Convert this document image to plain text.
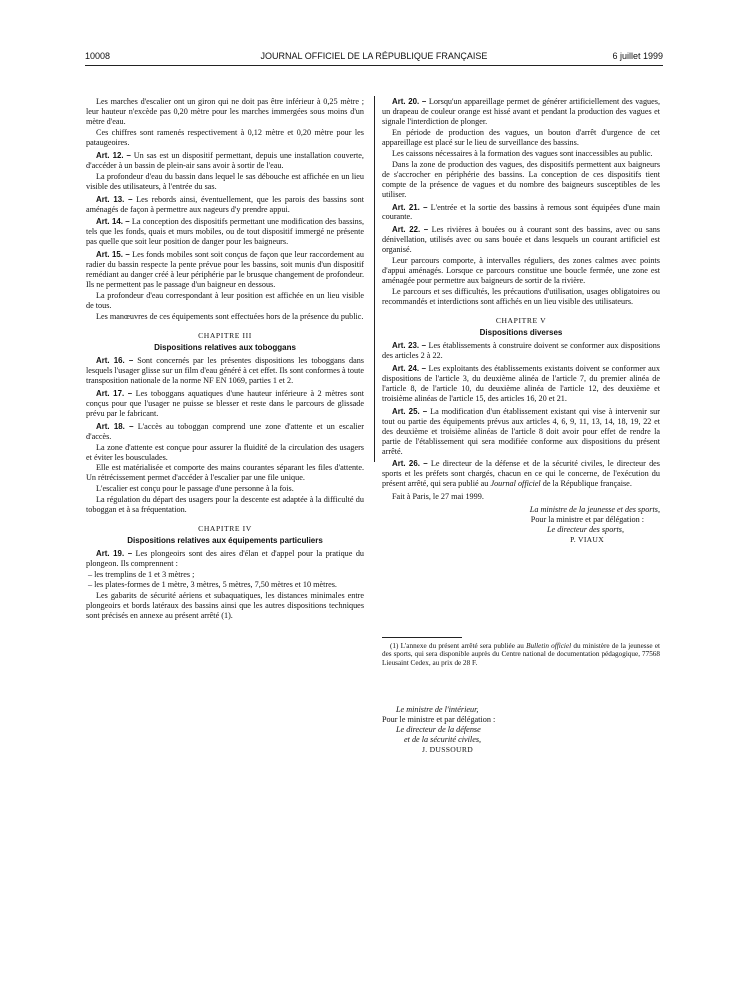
10008	JOURNAL OFFICIEL DE LA RÉPUBLIQUE FRANÇAISE	6 juillet 1999

Les marches d'escalier ont un giron qui ne doit pas être inférieur à 0,25 mètre ; leur hauteur n'excède pas 0,20 mètre pour les marches immergées sous moins d'un mètre d'eau.

Ces chiffres sont ramenés respectivement à 0,12 mètre et 0,20 mètre pour les pataugeoires.

Art. 12. – Un sas est un dispositif permettant, depuis une installation couverte, d'accéder à un bassin de plein-air sans avoir à sortir de l'eau.

La profondeur d'eau du bassin dans lequel le sas débouche est affichée en un lieu visible des utilisateurs, à l'entrée du sas.

Art. 13. – Les rebords ainsi, éventuellement, que les parois des bassins sont aménagés de façon à permettre aux nageurs d'y prendre appui.

Art. 14. – La conception des dispositifs permettant une modification des bassins, tels que les fonds, quais et murs mobiles, ou de tout dispositif immergé ne présente pas quelle que soit leur position de danger pour les baigneurs.

Art. 15. – Les fonds mobiles sont soit conçus de façon que leur raccordement au radier du bassin respecte la pente prévue pour les bassins, soit munis d'un dispositif remédiant au danger créé à leur périphérie par le brusque changement de profondeur. Ils ne permettent pas le passage d'un baigneur en dessous.

La profondeur d'eau correspondant à leur position est affichée en un lieu visible de tous.

Les manœuvres de ces équipements sont effectuées hors de la présence du public.

CHAPITRE III

Dispositions relatives aux toboggans

Art. 16. – Sont concernés par les présentes dispositions les toboggans dans lesquels l'usager glisse sur un film d'eau généré à cet effet. Ils sont conformes à toute transposition nationale de la norme NF EN 1069, parties 1 et 2.

Art. 17. – Les toboggans aquatiques d'une hauteur inférieure à 2 mètres sont conçus pour que l'usager ne puisse se blesser et reste dans le parcours de glissade prévu par le fabricant.

Art. 18. – L'accès au toboggan comprend une zone d'attente et un escalier d'accès.

La zone d'attente est conçue pour assurer la fluidité de la circulation des usagers et éviter les bousculades.

Elle est matérialisée et comporte des mains courantes séparant les files d'attente. Un rétrécissement permet d'accéder à l'escalier par une file unique.

L'escalier est conçu pour le passage d'une personne à la fois.

La régulation du départ des usagers pour la descente est adaptée à la difficulté du toboggan et à sa fréquentation.

CHAPITRE IV

Dispositions relatives aux équipements particuliers

Art. 19. – Les plongeoirs sont des aires d'élan et d'appel pour la pratique du plongeon. Ils comprennent :

– les tremplins de 1 et 3 mètres ;
– les plates-formes de 1 mètre, 3 mètres, 5 mètres, 7,50 mètres et 10 mètres.

Les gabarits de sécurité aériens et subaquatiques, les distances minimales entre plongeoirs et bords latéraux des bassins ainsi que les autres dispositions techniques sont précisés en annexe au présent arrêté (1).

Art. 20. – Lorsqu'un appareillage permet de générer artificiellement des vagues, un drapeau de couleur orange est hissé avant et pendant la production des vagues et signale l'interdiction de plonger.

En période de production des vagues, un bouton d'arrêt d'urgence de cet appareillage est placé sur le lieu de surveillance des bassins.

Les caissons nécessaires à la formation des vagues sont inaccessibles au public.

Dans la zone de production des vagues, des dispositifs permettent aux baigneurs de s'accrocher en périphérie des bassins. La conception de ces dispositifs tient compte de la présence de vagues et du nombre des baigneurs susceptibles de les utiliser.

Art. 21. – L'entrée et la sortie des bassins à remous sont équipées d'une main courante.

Art. 22. – Les rivières à bouées ou à courant sont des bassins, avec ou sans dénivellation, utilisés avec ou sans bouée et dans lesquels un courant artificiel est organisé.

Leur parcours comporte, à intervalles réguliers, des zones calmes avec points d'appui aménagés. Lorsque ce parcours constitue une boucle fermée, une zone est aménagée pour permettre aux baigneurs de sortir de la rivière.

Le parcours et ses difficultés, les précautions d'utilisation, usages obligatoires ou recommandés et interdictions sont affichés en un lieu visible des utilisateurs.

CHAPITRE V

Dispositions diverses

Art. 23. – Les établissements à construire doivent se conformer aux dispositions des articles 2 à 22.

Art. 24. – Les exploitants des établissements existants doivent se conformer aux dispositions de l'article 3, du deuxième alinéa de l'article 7, du premier alinéa de l'article 8, de l'article 10, du deuxième alinéa de l'article 12, des deuxième et troisième alinéas de l'article 15, des articles 16, 20 et 21.

Art. 25. – La modification d'un établissement existant qui vise à intervenir sur tout ou partie des équipements prévus aux articles 4, 6, 9, 11, 13, 14, 18, 19, 22 et des deuxième et troisième alinéas de l'article 8 doit avoir pour effet de rendre la partie de l'établissement qui sera modifiée conforme aux dispositions du présent arrêté.

Art. 26. – Le directeur de la défense et de la sécurité civiles, le directeur des sports et les préfets sont chargés, chacun en ce qui le concerne, de l'exécution du présent arrêté, qui sera publié au Journal officiel de la République française.

Fait à Paris, le 27 mai 1999.

La ministre de la jeunesse et des sports,
Pour la ministre et par délégation :
Le directeur des sports,
P. VIAUX

(1) L'annexe du présent arrêté sera publiée au Bulletin officiel du ministère de la jeunesse et des sports, qui sera disponible auprès du Centre national de documentation pédagogique, 77568 Lieusaint Cedex, au prix de 28 F.

Le ministre de l'intérieur,
Pour le ministre et par délégation :
Le directeur de la défense
et de la sécurité civiles,
J. DUSSOURD
